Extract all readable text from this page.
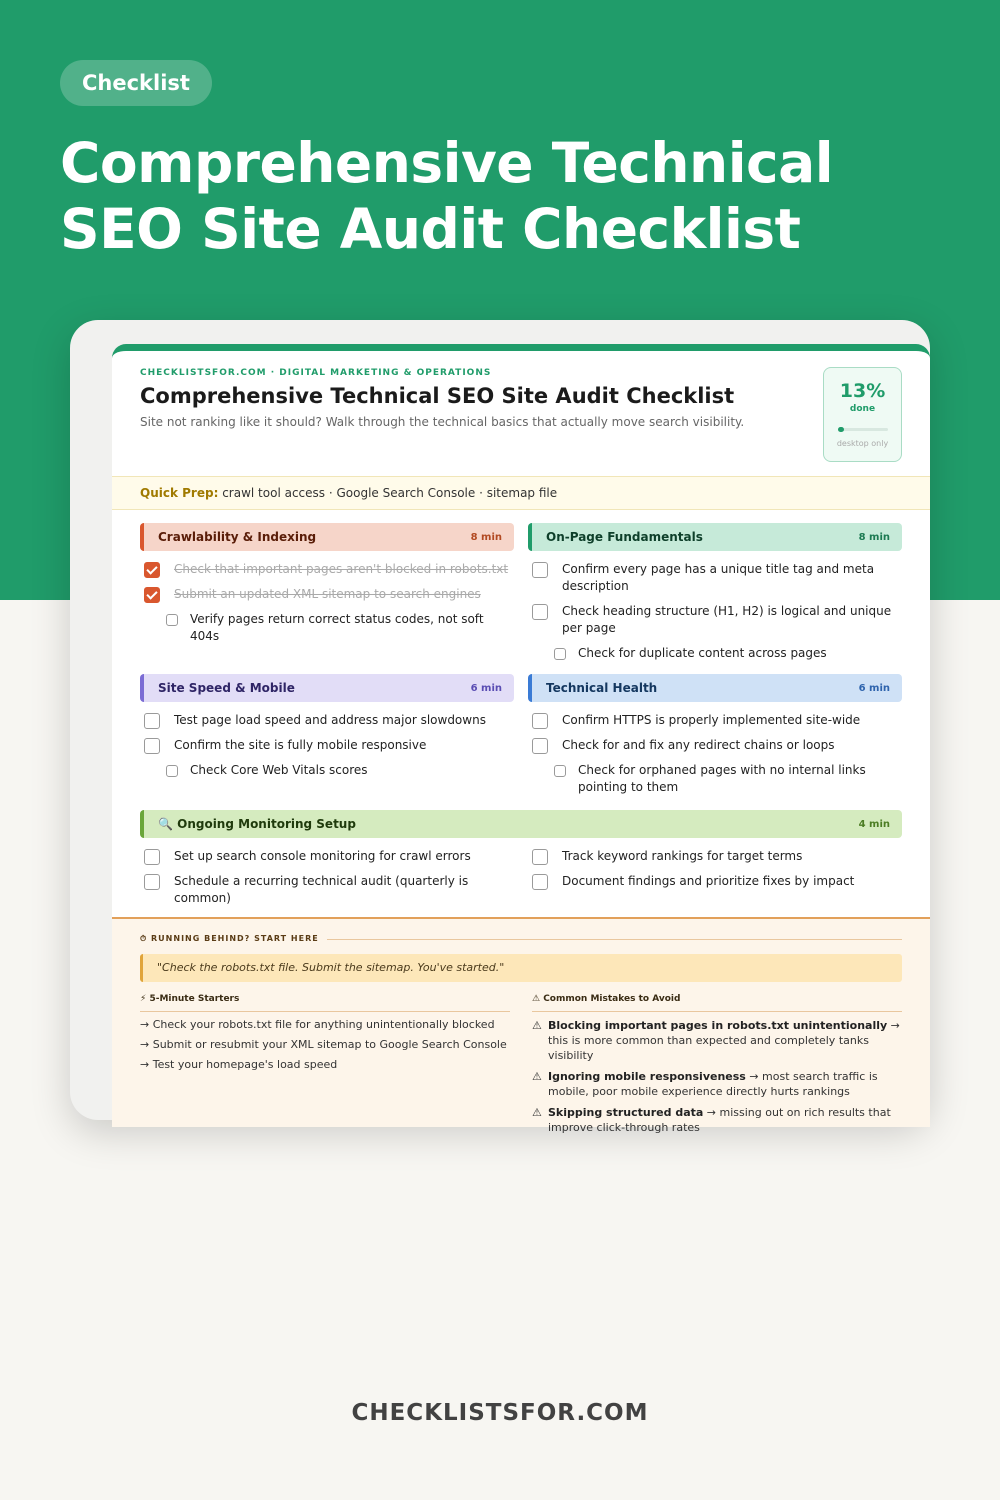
Checklist
Comprehensive Technical
SEO Site Audit Checklist
CHECKLISTSFOR.COM · DIGITAL MARKETING & OPERATIONS
Comprehensive Technical SEO Site Audit Checklist
Site not ranking like it should? Walk through the technical basics that actually move search visibility.
13%
done
desktop only
Quick Prep: crawl tool access · Google Search Console · sitemap file
Crawlability & Indexing	8 min
Check that important pages aren't blocked in robots.txt
Submit an updated XML sitemap to search engines
Verify pages return correct status codes, not soft 404s
On-Page Fundamentals	8 min
Confirm every page has a unique title tag and meta description
Check heading structure (H1, H2) is logical and unique per page
Check for duplicate content across pages
Site Speed & Mobile	6 min
Test page load speed and address major slowdowns
Confirm the site is fully mobile responsive
Check Core Web Vitals scores
Technical Health	6 min
Confirm HTTPS is properly implemented site-wide
Check for and fix any redirect chains or loops
Check for orphaned pages with no internal links pointing to them
🔍 Ongoing Monitoring Setup	4 min
Set up search console monitoring for crawl errors
Schedule a recurring technical audit (quarterly is common)
Track keyword rankings for target terms
Document findings and prioritize fixes by impact
⏱ RUNNING BEHIND? START HERE
"Check the robots.txt file. Submit the sitemap. You've started."
⚡ 5-Minute Starters
→ Check your robots.txt file for anything unintentionally blocked
→ Submit or resubmit your XML sitemap to Google Search Console
→ Test your homepage's load speed
⚠ Common Mistakes to Avoid
⚠ Blocking important pages in robots.txt unintentionally → this is more common than expected and completely tanks visibility
⚠ Ignoring mobile responsiveness → most search traffic is mobile, poor mobile experience directly hurts rankings
⚠ Skipping structured data → missing out on rich results that improve click-through rates
CHECKLISTSFOR.COM
